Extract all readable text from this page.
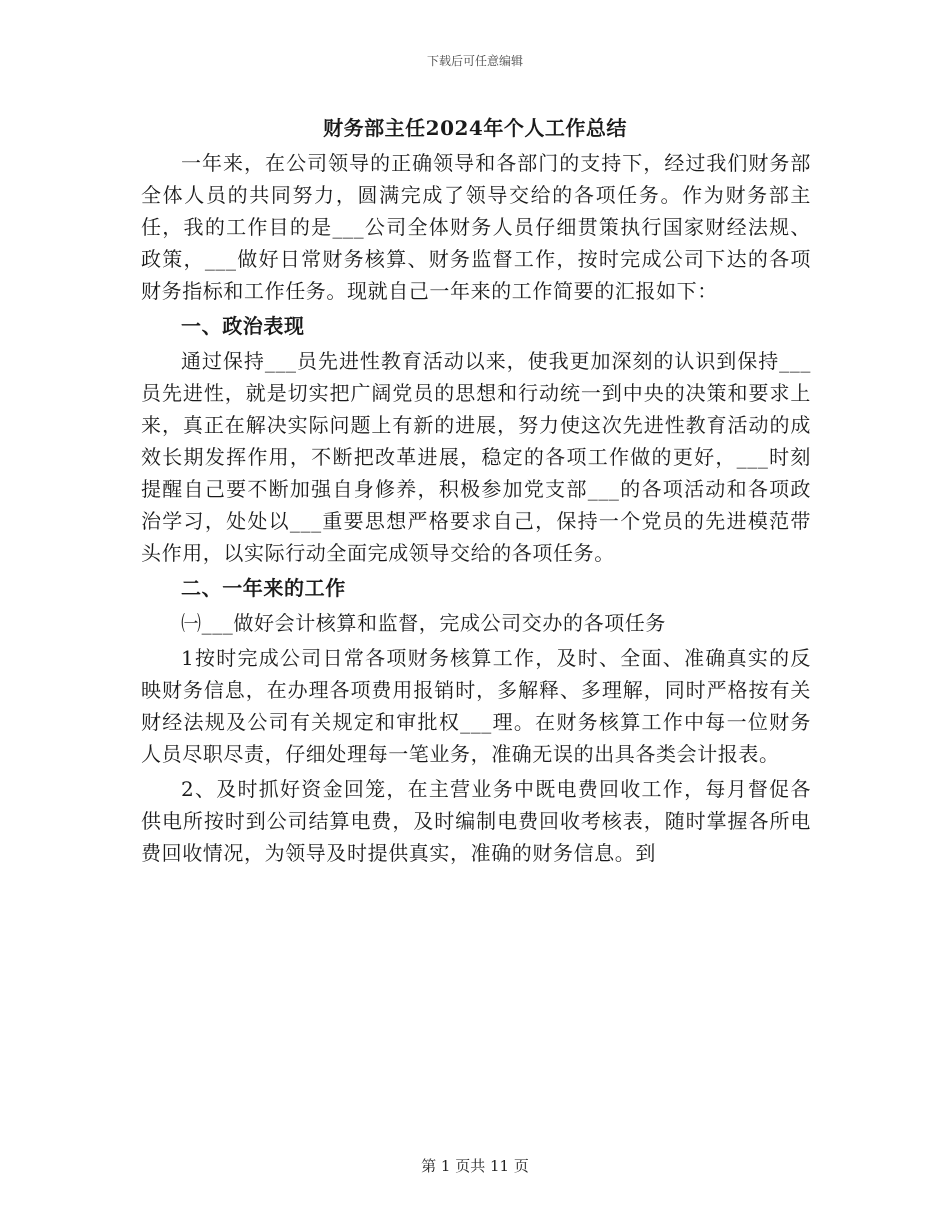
下载后可任意编辑
财务部主任2024年个人工作总结

一年来，在公司领导的正确领导和各部门的支持下，经过我们财务部全体人员的共同努力，圆满完成了领导交给的各项任务。作为财务部主任，我的工作目的是___公司全体财务人员仔细贯策执行国家财经法规、政策，___做好日常财务核算、财务监督工作，按时完成公司下达的各项财务指标和工作任务。现就自己一年来的工作简要的汇报如下：

一、政治表现

通过保持___员先进性教育活动以来，使我更加深刻的认识到保持___员先进性，就是切实把广阔党员的思想和行动统一到中央的决策和要求上来，真正在解决实际问题上有新的进展，努力使这次先进性教育活动的成效长期发挥作用，不断把改革进展，稳定的各项工作做的更好，___时刻提醒自己要不断加强自身修养，积极参加党支部___的各项活动和各项政治学习，处处以___重要思想严格要求自己，保持一个党员的先进模范带头作用，以实际行动全面完成领导交给的各项任务。

二、一年来的工作

㈠___做好会计核算和监督，完成公司交办的各项任务

1按时完成公司日常各项财务核算工作，及时、全面、准确真实的反映财务信息，在办理各项费用报销时，多解释、多理解，同时严格按有关财经法规及公司有关规定和审批权___理。在财务核算工作中每一位财务人员尽职尽责，仔细处理每一笔业务，准确无误的出具各类会计报表。

2、及时抓好资金回笼，在主营业务中既电费回收工作，每月督促各供电所按时到公司结算电费，及时编制电费回收考核表，随时掌握各所电费回收情况，为领导及时提供真实，准确的财务信息。到

第 1 页共 11 页
